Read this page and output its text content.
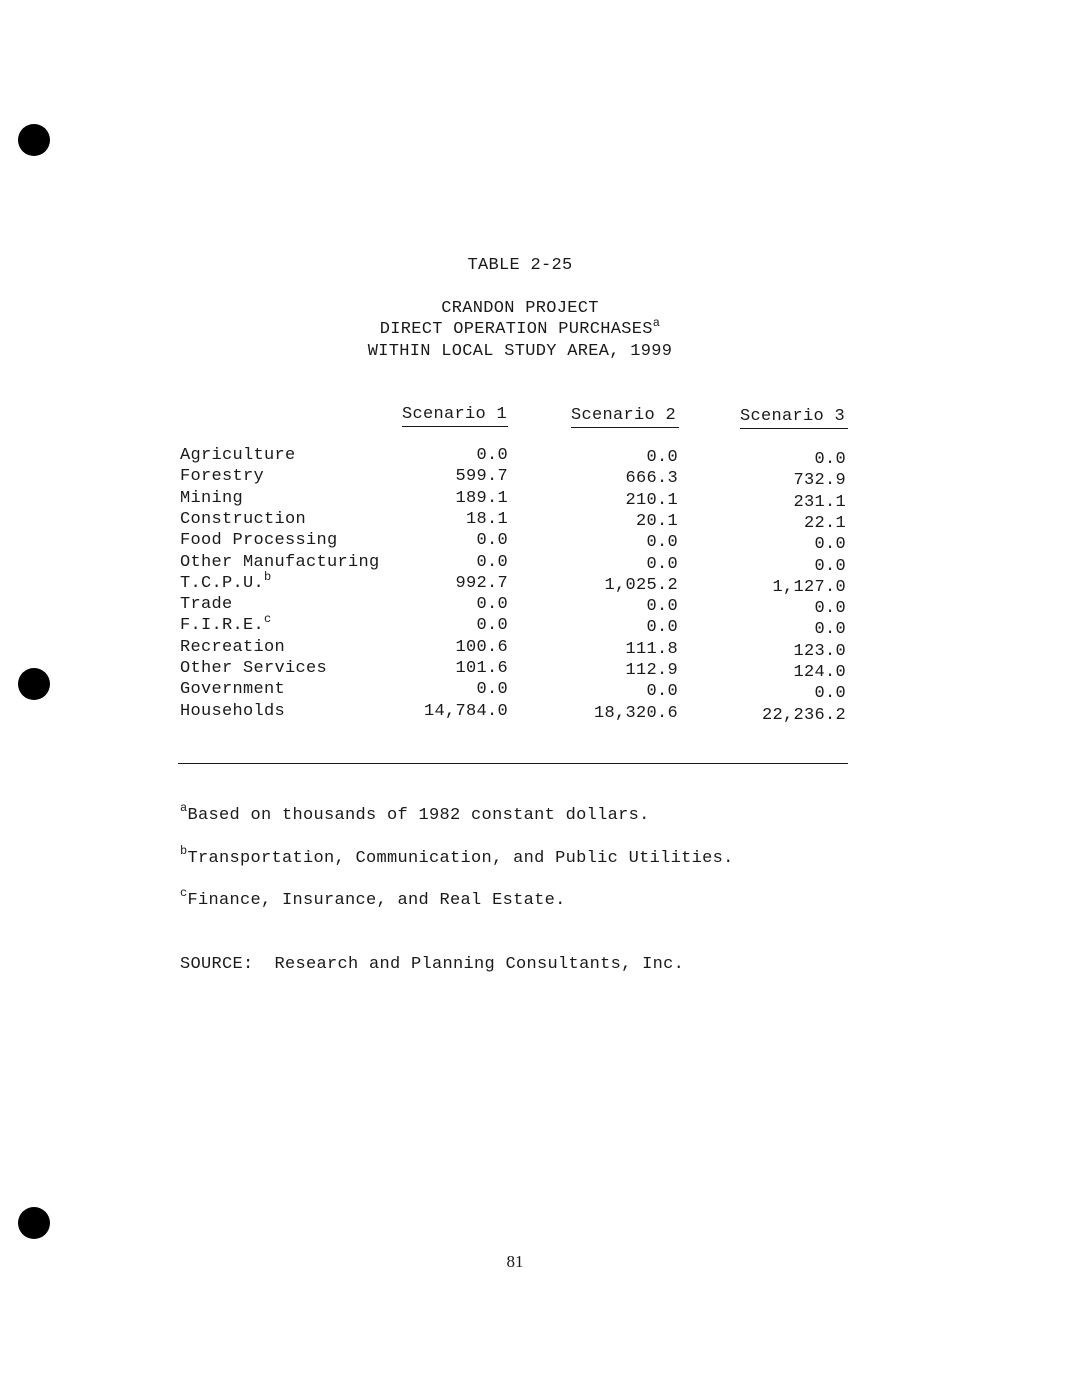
TABLE 2-25
CRANDON PROJECT
DIRECT OPERATION PURCHASES$^a$
WITHIN LOCAL STUDY AREA, 1999
Scenario 1	Scenario 2	Scenario 3
Agriculture	0.0	0.0	0.0
Forestry	599.7	666.3	732.9
Mining	189.1	210.1	231.1
Construction	18.1	20.1	22.1
Food Processing	0.0	0.0	0.0
Other Manufacturing	0.0	0.0	0.0
T.C.P.U.$^b$	992.7	1,025.2	1,127.0
Trade	0.0	0.0	0.0
F.I.R.E.$^c$	0.0	0.0	0.0
Recreation	100.6	111.8	123.0
Other Services	101.6	112.9	124.0
Government	0.0	0.0	0.0
Households	14,784.0	18,320.6	22,236.2
$^a$Based on thousands of 1982 constant dollars.
$^b$Transportation, Communication, and Public Utilities.
$^c$Finance, Insurance, and Real Estate.
SOURCE:  Research and Planning Consultants, Inc.
81
